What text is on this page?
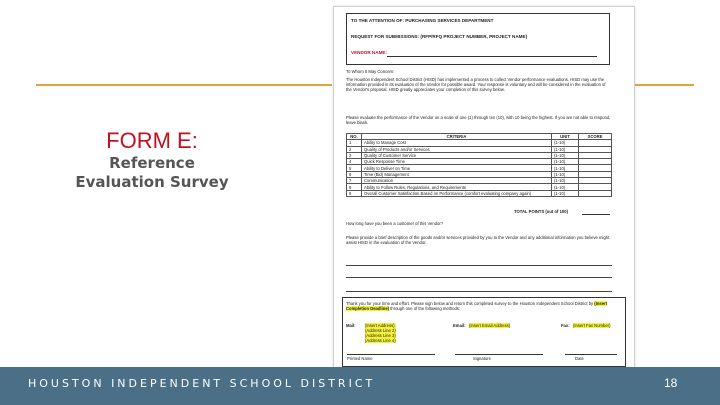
FORM E:
Reference
Evaluation Survey
TO THE ATTENTION OF: PURCHASING SERVICES DEPARTMENT
REQUEST FOR SUBMISSIONS: (RFP/RFQ PROJECT NUMBER, PROJECT NAME)
VENDOR NAME:
To Whom It May Concern:
The Houston Independent School District (HISD) has implemented a process to collect Vendor performance evaluations. HISD may use the information provided in its evaluation of the Vendor for possible award. Your response is voluntary and will be considered in the evaluation of the Vendor's proposal. HISD greatly appreciates your completion of this survey below.
Please evaluate the performance of the Vendor on a scale of one (1) through ten (10), with 10 being the highest. If you are not able to respond, leave blank.
NO.	CRITERIA	UNIT	SCORE
1	Ability to Manage Cost	(1-10)	
2	Quality of Products and/or Services	(1-10)	
3	Quality of Customer Service	(1-10)	
4	Quick Response Time	(1-10)	
5	Ability to Deliver on Time	(1-10)	
6	Time (Bid) Management	(1-10)	
7	Communication	(1-10)	
8	Ability to Follow Rules, Regulations, and Requirements	(1-10)	
9	Overall Customer Satisfaction Based on Performance (comfort evaluating company again)	(1-10)	
TOTAL POINTS (out of 100)
How long have you been a customer of this Vendor?
Please provide a brief description of the goods and/or services provided by you to the Vendor and any additional information you believe might assist HISD in the evaluation of the Vendor.
Thank you for your time and effort. Please sign below and return this completed survey to the Houston Independent School District by (Insert Completion Deadline) through one of the following methods:
Mail: (Insert Address)
(Address Line 2)
(Address Line 3)
(Address Line 4)
Email: (Insert Email Address)	Fax: (Insert Fax Number)
Printed Name	Signature	Date
HOUSTON INDEPENDENT SCHOOL DISTRICT	18
